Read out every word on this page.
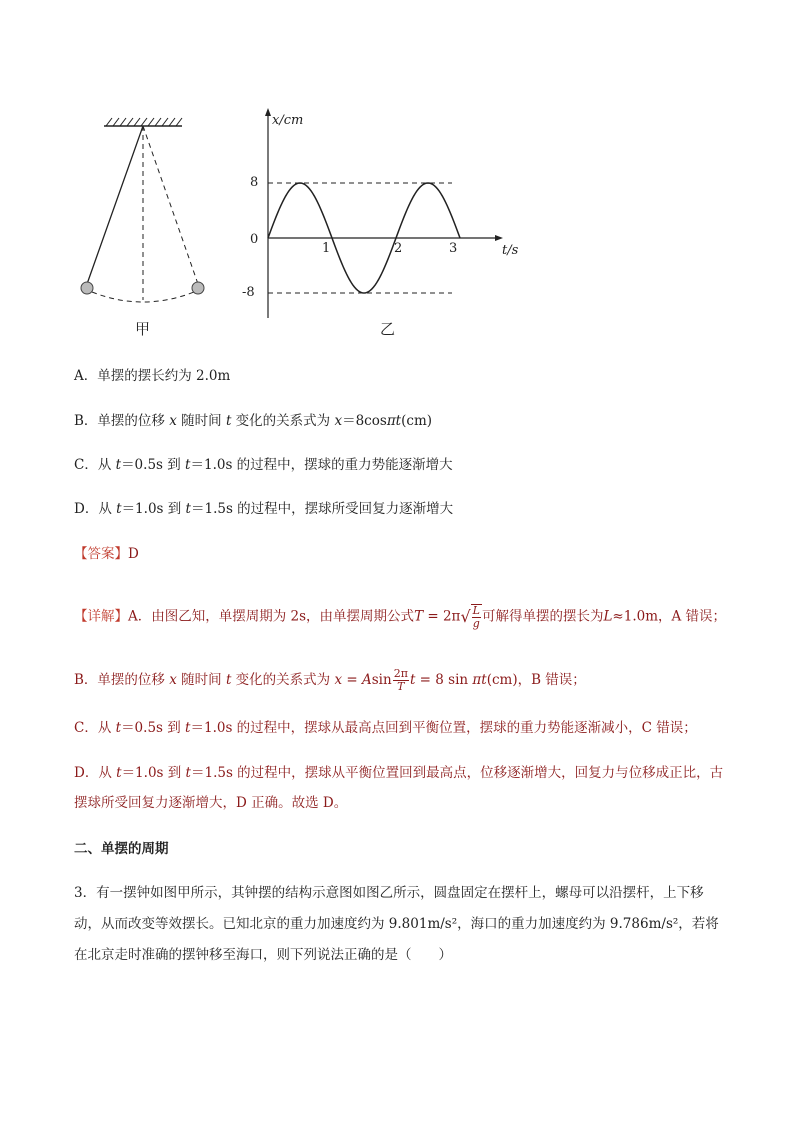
甲
x/cm
t/s
8
0
-8
1	2	3
乙
A．单摆的摆长约为 2.0m
B．单摆的位移 x 随时间 t 变化的关系式为 x＝8cosπt(cm)
C．从 t＝0.5s 到 t＝1.0s 的过程中，摆球的重力势能逐渐增大
D．从 t＝1.0s 到 t＝1.5s 的过程中，摆球所受回复力逐渐增大
【答案】D
【详解】A．由图乙知，单摆周期为 2s，由单摆周期公式T = 2π √ $\frac{L}{g}$ 可解得单摆的摆长为L≈1.0m，A 错误；
B．单摆的位移 x 随时间 t 变化的关系式为 x = Asin $\frac{2\pi}{T}$ t = 8 sin πt(cm)，B 错误；
C．从 t＝0.5s 到 t＝1.0s 的过程中，摆球从最高点回到平衡位置，摆球的重力势能逐渐减小，C 错误；
D．从 t＝1.0s 到 t＝1.5s 的过程中，摆球从平衡位置回到最高点，位移逐渐增大，回复力与位移成正比，古
摆球所受回复力逐渐增大，D 正确。故选 D。
二、单摆的周期
3．有一摆钟如图甲所示，其钟摆的结构示意图如图乙所示，圆盘固定在摆杆上，螺母可以沿摆杆，上下移
动，从而改变等效摆长。已知北京的重力加速度约为 9.801m/s²，海口的重力加速度约为 9.786m/s²，若将
在北京走时准确的摆钟移至海口，则下列说法正确的是（　　）
